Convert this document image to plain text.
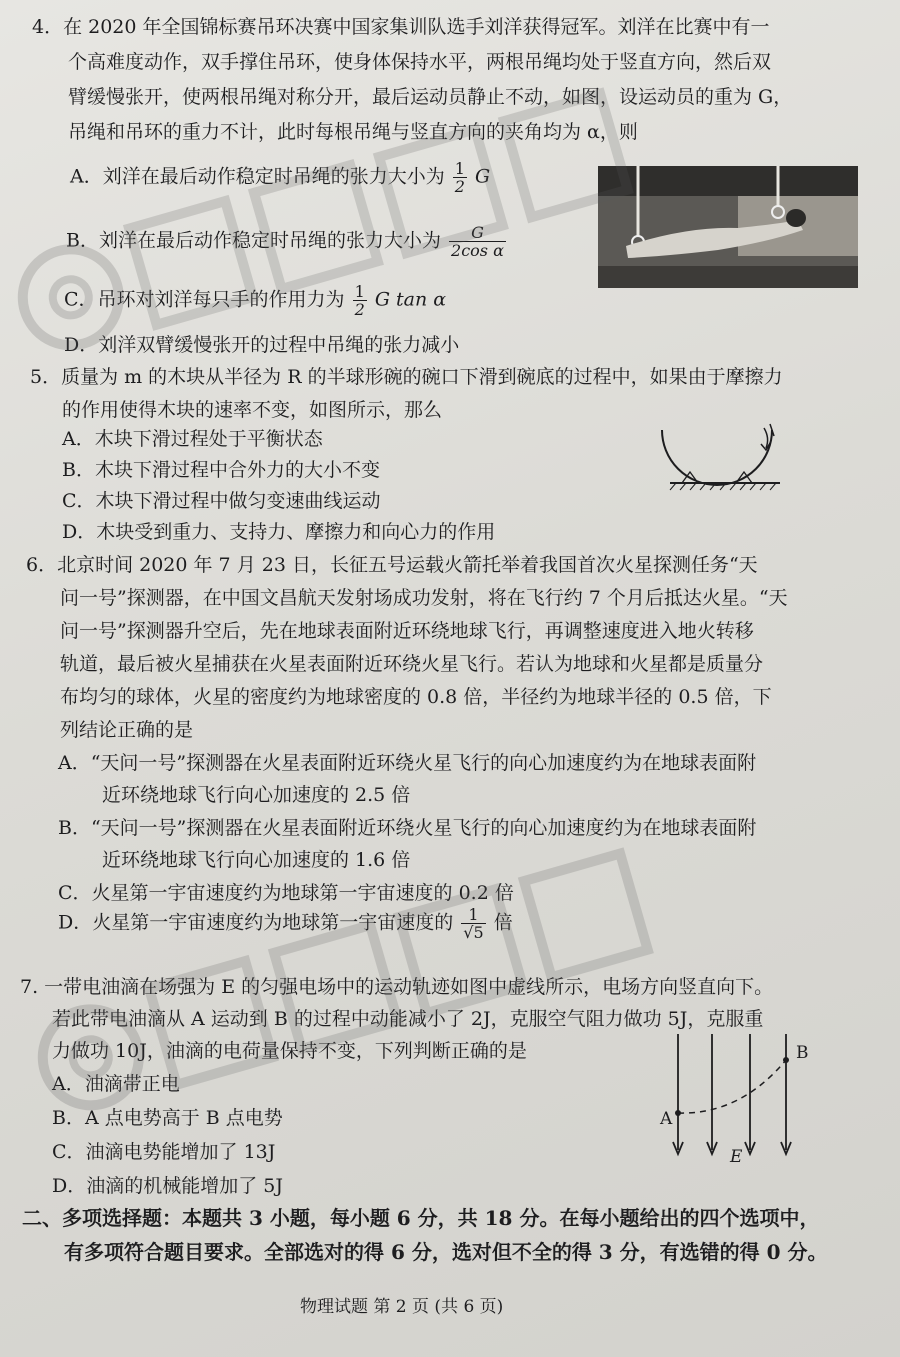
4．在 2020 年全国锦标赛吊环决赛中国家集训队选手刘洋获得冠军。刘洋在比赛中有一
个高难度动作，双手撑住吊环，使身体保持水平，两根吊绳均处于竖直方向，然后双
臂缓慢张开，使两根吊绳对称分开，最后运动员静止不动，如图，设运动员的重为 G，
吊绳和吊环的重力不计，此时每根吊绳与竖直方向的夹角均为 α，则
A．刘洋在最后动作稳定时吊绳的张力大小为 $\frac{1}{2}$ G
B．刘洋在最后动作稳定时吊绳的张力大小为 $\frac{G}{\text{2cos α}}$
C．吊环对刘洋每只手的作用力为 $\frac{1}{2}$ G tan α
D．刘洋双臂缓慢张开的过程中吊绳的张力减小
5．质量为 m 的木块从半径为 R 的半球形碗的碗口下滑到碗底的过程中，如果由于摩擦力
的作用使得木块的速率不变，如图所示，那么
A．木块下滑过程处于平衡状态
B．木块下滑过程中合外力的大小不变
C．木块下滑过程中做匀变速曲线运动
D．木块受到重力、支持力、摩擦力和向心力的作用
6．北京时间 2020 年 7 月 23 日，长征五号运载火箭托举着我国首次火星探测任务“天
问一号”探测器，在中国文昌航天发射场成功发射，将在飞行约 7 个月后抵达火星。“天
问一号”探测器升空后，先在地球表面附近环绕地球飞行，再调整速度进入地火转移
轨道，最后被火星捕获在火星表面附近环绕火星飞行。若认为地球和火星都是质量分
布均匀的球体，火星的密度约为地球密度的 0.8 倍，半径约为地球半径的 0.5 倍，下
列结论正确的是
A．“天问一号”探测器在火星表面附近环绕火星飞行的向心加速度约为在地球表面附
近环绕地球飞行向心加速度的 2.5 倍
B．“天问一号”探测器在火星表面附近环绕火星飞行的向心加速度约为在地球表面附
近环绕地球飞行向心加速度的 1.6 倍
C．火星第一宇宙速度约为地球第一宇宙速度的 0.2 倍
D．火星第一宇宙速度约为地球第一宇宙速度的 $\frac{1}{√5}$ 倍
7. 一带电油滴在场强为 E 的匀强电场中的运动轨迹如图中虚线所示，电场方向竖直向下。
若此带电油滴从 A 运动到 B 的过程中动能减小了 2J，克服空气阻力做功 5J，克服重
力做功 10J，油滴的电荷量保持不变，下列判断正确的是
A．油滴带正电
B．A 点电势高于 B 点电势
C．油滴电势能增加了 13J
D．油滴的机械能增加了 5J
A
B
E
二、多项选择题：本题共 3 小题，每小题 6 分，共 18 分。在每小题给出的四个选项中，
有多项符合题目要求。全部选对的得 6 分，选对但不全的得 3 分，有选错的得 0 分。
物理试题 第 2 页 (共 6 页)
